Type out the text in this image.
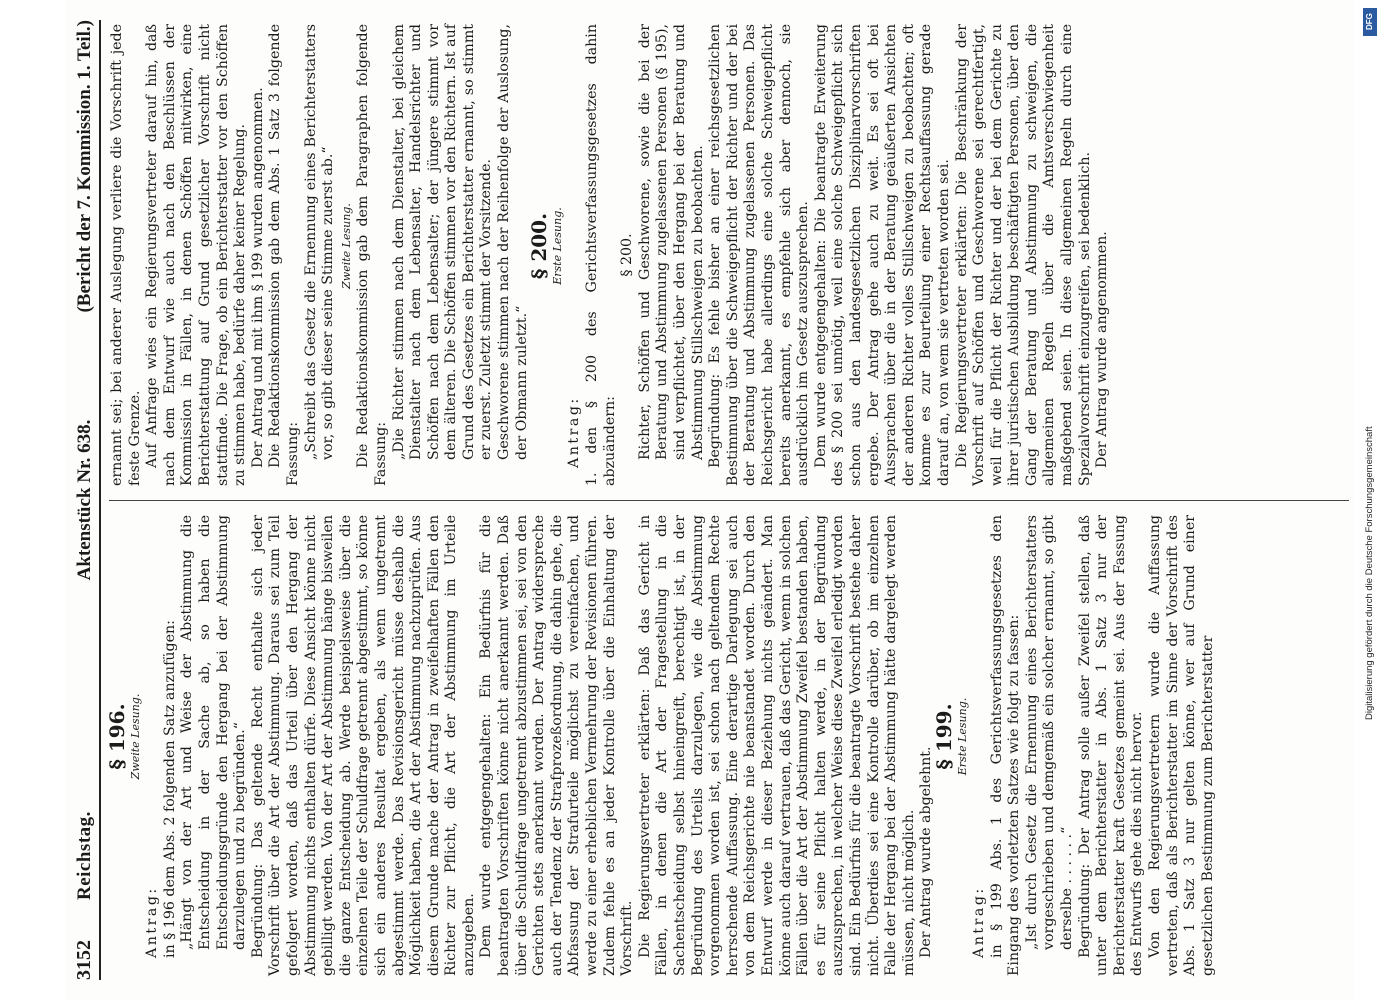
3152
Reichstag.
Aktenstück Nr. 638.
(Bericht der 7. Kommission. 1. Teil.)

§ 196. Zweite Lesung.

Antrag: in § 196 dem Abs. 2 folgenden Satz anzufügen: „Hängt von der Art und Weise der Abstimmung die Entscheidung in der Sache ab, so haben die Entscheidungsgründe den Hergang bei der Abstimmung darzulegen und zu begründen.“ Begründung: Das geltende Recht enthalte sich jeder Vorschrift über die Art der Abstimmung. Daraus sei zum Teil gefolgert worden, daß das Urteil über den Hergang der Abstimmung nichts enthalten dürfe. Diese Ansicht könne nicht gebilligt werden. Von der Art der Abstimmung hänge bisweilen die ganze Entscheidung ab. Werde beispielsweise über die einzelnen Teile der Schuldfrage getrennt abgestimmt, so könne sich ein anderes Resultat ergeben, als wenn ungetrennt abgestimmt werde. Das Revisionsgericht müsse deshalb die Möglichkeit haben, die Art der Abstimmung nachzuprüfen. Aus diesem Grunde mache der Antrag in zweifelhaften Fällen den Richter zur Pflicht, die Art der Abstimmung im Urteile anzugeben. Dem wurde entgegengehalten: Ein Bedürfnis für die beantragten Vorschriften könne nicht anerkannt werden. Daß über die Schuldfrage ungetrennt abzustimmen sei, sei von den Gerichten stets anerkannt worden. Der Antrag widerspreche auch der Tendenz der Strafprozeßordnung, die dahin gehe, die Abfassung der Strafurteile möglichst zu vereinfachen, und werde zu einer erheblichen Vermehrung der Revisionen führen. Zudem fehle es an jeder Kontrolle über die Einhaltung der Vorschrift. Die Regierungsvertreter erklärten: Daß das Gericht in Fällen, in denen die Art der Fragestellung in die Sachentscheidung selbst hineingreift, berechtigt ist, in der Begründung des Urteils darzulegen, wie die Abstimmung vorgenommen worden ist, sei schon nach geltendem Rechte herrschende Auffassung. Eine derartige Darlegung sei auch von dem Reichsgerichte nie beanstandet worden. Durch den Entwurf werde in dieser Beziehung nichts geändert. Man könne auch darauf vertrauen, daß das Gericht, wenn in solchen Fällen über die Art der Abstimmung Zweifel bestanden haben, es für seine Pflicht halten werde, in der Begründung auszusprechen, in welcher Weise diese Zweifel erledigt worden sind. Ein Bedürfnis für die beantragte Vorschrift bestehe daher nicht. Überdies sei eine Kontrolle darüber, ob im einzelnen Falle der Hergang bei der Abstimmung hätte dargelegt werden müssen, nicht möglich. Der Antrag wurde abgelehnt.

§ 199. Erste Lesung.

Antrag: in § 199 Abs. 1 des Gerichtsverfassungsgesetzes den Eingang des vorletzten Satzes wie folgt zu fassen: „Ist durch Gesetz die Ernennung eines Berichterstatters vorgeschrieben und demgemäß ein solcher ernannt, so gibt derselbe . . . . . .“ Begründung: Der Antrag solle außer Zweifel stellen, daß unter dem Berichterstatter in Abs. 1 Satz 3 nur der Berichterstatter kraft Gesetzes gemeint sei. Aus der Fassung des Entwurfs gehe dies nicht hervor. Von den Regierungsvertretern wurde die Auffassung vertreten, daß als Berichterstatter im Sinne der Vorschrift des Abs. 1 Satz 3 nur gelten könne, wer auf Grund einer gesetzlichen Bestimmung zum Berichterstatter

ernannt sei; bei anderer Auslegung verliere die Vorschrift jede feste Grenze. Auf Anfrage wies ein Regierungsvertreter darauf hin, daß nach dem Entwurf wie auch nach den Beschlüssen der Kommission in Fällen, in denen Schöffen mitwirken, eine Berichterstattung auf Grund gesetzlicher Vorschrift nicht stattfinde. Die Frage, ob ein Berichterstatter vor den Schöffen zu stimmen habe, bedürfe daher keiner Regelung. Der Antrag und mit ihm § 199 wurden angenommen. Die Redaktionskommission gab dem Abs. 1 Satz 3 folgende Fassung: „Schreibt das Gesetz die Ernennung eines Berichterstatters vor, so gibt dieser seine Stimme zuerst ab.“ Zweite Lesung. Die Redaktionskommission gab dem Paragraphen folgende Fassung: „Die Richter stimmen nach dem Dienstalter, bei gleichem Dienstalter nach dem Lebensalter, Handelsrichter und Schöffen nach dem Lebensalter; der jüngere stimmt vor dem älteren. Die Schöffen stimmen vor den Richtern. Ist auf Grund des Gesetzes ein Berichterstatter ernannt, so stimmt er zuerst. Zuletzt stimmt der Vorsitzende. Geschworene stimmen nach der Reihenfolge der Auslosung, der Obmann zuletzt.“

§ 200. Erste Lesung.

Antrag: 1. den § 200 des Gerichtsverfassungsgesetzes dahin abzuändern:

§ 200. Richter, Schöffen und Geschworene, sowie die bei der Beratung und Abstimmung zugelassenen Personen (§ 195), sind verpflichtet, über den Hergang bei der Beratung und Abstimmung Stillschweigen zu beobachten. Begründung: Es fehle bisher an einer reichsgesetzlichen Bestimmung über die Schweigepflicht der Richter und der bei der Beratung und Abstimmung zugelassenen Personen. Das Reichsgericht habe allerdings eine solche Schweigepflicht bereits anerkannt, es empfehle sich aber dennoch, sie ausdrücklich im Gesetz auszusprechen. Dem wurde entgegengehalten: Die beantragte Erweiterung des § 200 sei unnötig, weil eine solche Schweigepflicht sich schon aus den landesgesetzlichen Disziplinarvorschriften ergebe. Der Antrag gehe auch zu weit. Es sei oft bei Aussprachen über die in der Beratung geäußerten Ansichten der anderen Richter volles Stillschweigen zu beobachten; oft komme es zur Beurteilung einer Rechtsauffassung gerade darauf an, von wem sie vertreten worden sei. Die Regierungsvertreter erklärten: Die Beschränkung der Vorschrift auf Schöffen und Geschworene sei gerechtfertigt, weil für die Pflicht der Richter und der bei dem Gerichte zu ihrer juristischen Ausbildung beschäftigten Personen, über den Gang der Beratung und Abstimmung zu schweigen, die allgemeinen Regeln über die Amtsverschwiegenheit maßgebend seien. In diese allgemeinen Regeln durch eine Spezialvorschrift einzugreifen, sei bedenklich. Der Antrag wurde angenommen.

DFG
Digitalisierung gefördert durch die Deutsche Forschungsgemeinschaft
